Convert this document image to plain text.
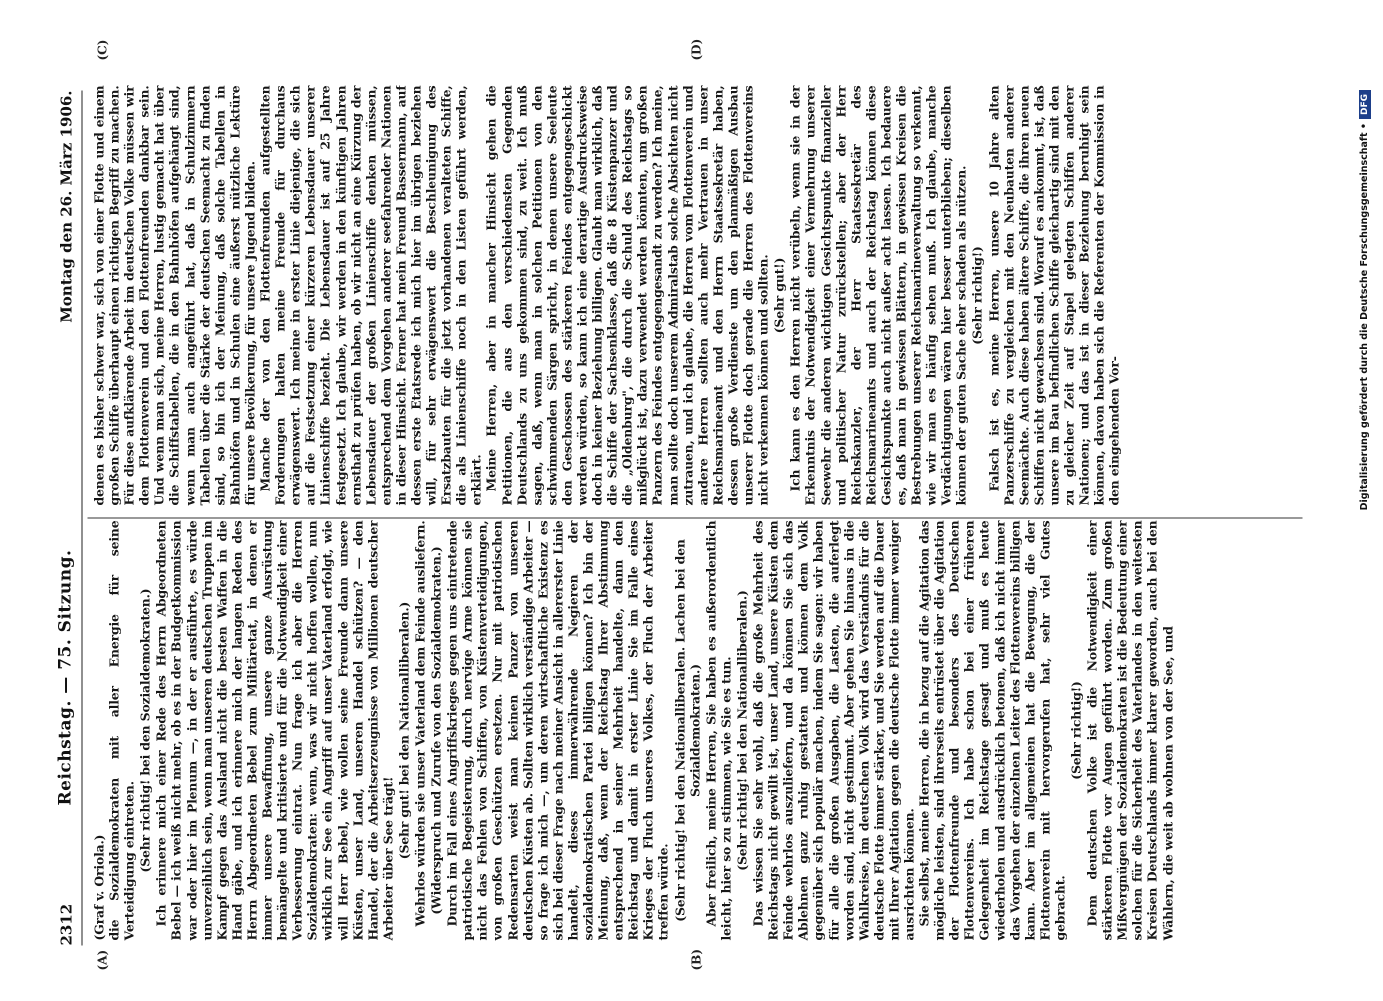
2312
Reichstag. — 75. Sitzung.
Montag den 26. März 1906.
(A)	(B)
(C)	(D)

(Graf v. Oriola.) die Sozialdemokraten mit aller Energie für seine Verteidigung eintreten. (Sehr richtig! bei den Sozialdemokraten.) Ich erinnere mich einer Rede des Herrn Abgeordneten Bebel — ich weiß nicht mehr, ob es in der Budgetkommission war oder hier im Plenum —, in der er ausführte, es würde unverzeihlich sein, wenn man unseren deutschen Truppen im Kampf gegen das Ausland nicht die besten Waffen in die Hand gäbe, und ich erinnere mich der langen Reden des Herrn Abgeordneten Bebel zum Militäretat, in denen er immer unsere Bewaffnung, unsere ganze Ausrüstung bemängelte und kritisierte und für die Notwendigkeit einer Verbesserung eintrat. Nun frage ich aber die Herren Sozialdemokraten: wenn, was wir nicht hoffen wollen, nun wirklich zur See ein Angriff auf unser Vaterland erfolgt, wie will Herr Bebel, wie wollen seine Freunde dann unsere Küsten, unser Land, unseren Handel schützen? — den Handel, der die Arbeitserzeugnisse von Millionen deutscher Arbeiter über See trägt! (Sehr gut! bei den Nationalliberalen.) Wehrlos würden sie unser Vaterland dem Feinde ausliefern. (Widerspruch und Zurufe von den Sozialdemokraten.) Durch im Fall eines Angriffskrieges gegen uns eintretende patriotische Begeisterung, durch nervige Arme können sie nicht das Fehlen von Schiffen, von Küstenverteidigungen, von großen Geschützen ersetzen. Nur mit patriotischen Redensarten weist man keinen Panzer von unseren deutschen Küsten ab. Sollten wirklich verständige Arbeiter — so frage ich mich —, um deren wirtschaftliche Existenz es sich bei dieser Frage nach meiner Ansicht in allererster Linie handelt, dieses immerwährende Negieren der sozialdemokratischen Partei billigen können? Ich bin der Meinung, daß, wenn der Reichstag Ihrer Abstimmung entsprechend in seiner Mehrheit handelte, dann den Reichstag und damit in erster Linie Sie im Falle eines Krieges der Fluch unseres Volkes, der Fluch der Arbeiter treffen würde. (Sehr richtig! bei den Nationalliberalen. Lachen bei den Sozialdemokraten.) Aber freilich, meine Herren, Sie haben es außerordentlich leicht, hier so zu stimmen, wie Sie es tun. (Sehr richtig! bei den Nationalliberalen.) Das wissen Sie sehr wohl, daß die große Mehrheit des Reichstags nicht gewillt ist, unser Land, unsere Küsten dem Feinde wehrlos auszuliefern, und da können Sie sich das Ablehnen ganz ruhig gestatten und können dem Volk gegenüber sich populär machen, indem Sie sagen: wir haben für alle die großen Ausgaben, die Lasten, die auferlegt worden sind, nicht gestimmt. Aber gehen Sie hinaus in die Wahlkreise, im deutschen Volk wird das Verständnis für die deutsche Flotte immer stärker, und Sie werden auf die Dauer mit Ihrer Agitation gegen die deutsche Flotte immer weniger ausrichten können. Sie selbst, meine Herren, die in bezug auf die Agitation das mögliche leisten, sind ihrerseits entrüstet über die Agitation der Flottenfreunde und besonders des Deutschen Flottenvereins. Ich habe schon bei einer früheren Gelegenheit im Reichstage gesagt und muß es heute wiederholen und ausdrücklich betonen, daß ich nicht immer das Vorgehen der einzelnen Leiter des Flottenvereins billigen kann. Aber im allgemeinen hat die Bewegung, die der Flottenverein mit hervorgerufen hat, sehr viel Gutes gebracht.

(Sehr richtig!) Dem deutschen Volke ist die Notwendigkeit einer stärkeren Flotte vor Augen geführt worden. Zum großen Mißvergnügen der Sozialdemokraten ist die Bedeutung einer solchen für die Sicherheit des Vaterlandes in den weitesten Kreisen Deutschlands immer klarer geworden, auch bei den Wählern, die weit ab wohnen von der See, und

denen es bisher schwer war, sich von einer Flotte und einem großen Schiffe überhaupt einen richtigen Begriff zu machen. Für diese aufklärende Arbeit im deutschen Volke müssen wir dem Flottenverein und den Flottenfreunden dankbar sein. Und wenn man sich, meine Herren, lustig gemacht hat über die Schiffstabellen, die in den Bahnhöfen aufgehängt sind, wenn man auch angeführt hat, daß in Schulzimmern Tabellen über die Stärke der deutschen Seemacht zu finden sind, so bin ich der Meinung, daß solche Tabellen in Bahnhöfen und in Schulen eine äußerst nützliche Lektüre für unsere Bevölkerung, für unsere Jugend bilden. Manche der von den Flottenfreunden aufgestellten Forderungen halten meine Freunde für durchaus erwägenswert. Ich meine in erster Linie diejenige, die sich auf die Festsetzung einer kürzeren Lebensdauer unserer Linienschiffe bezieht. Die Lebensdauer ist auf 25 Jahre festgesetzt. Ich glaube, wir werden in den künftigen Jahren ernsthaft zu prüfen haben, ob wir nicht an eine Kürzung der Lebensdauer der großen Linienschiffe denken müssen, entsprechend dem Vorgehen anderer seefahrender Nationen in dieser Hinsicht. Ferner hat mein Freund Bassermann, auf dessen erste Etatsrede ich mich hier im übrigen beziehen will, für sehr erwägenswert die Beschleunigung des Ersatzbauten für die jetzt vorhandenen veralteten Schiffe, die als Linienschiffe noch in den Listen geführt werden, erklärt. Meine Herren, aber in mancher Hinsicht gehen die Petitionen, die aus den verschiedensten Gegenden Deutschlands zu uns gekommen sind, zu weit. Ich muß sagen, daß, wenn man in solchen Petitionen von den schwimmenden Särgen spricht, in denen unsere Seeleute den Geschossen des stärkeren Feindes entgegengeschickt werden würden, so kann ich eine derartige Ausdrucksweise doch in keiner Beziehung billigen. Glaubt man wirklich, daß die Schiffe der Sachsenklasse, daß die 8 Küstenpanzer und die „Oldenburg", die durch die Schuld des Reichstags so mißglückt ist, dazu verwendet werden könnten, um großen Panzern des Feindes entgegengesandt zu werden? Ich meine, man sollte doch unserem Admiralstab solche Absichten nicht zutrauen, und ich glaube, die Herren vom Flottenverein und andere Herren sollten auch mehr Vertrauen in unser Reichsmarineamt und den Herrn Staatssekretär haben, dessen große Verdienste um den planmäßigen Ausbau unserer Flotte doch gerade die Herren des Flottenvereins nicht verkennen können und sollten. (Sehr gut!) Ich kann es den Herren nicht verübeln, wenn sie in der Erkenntnis der Notwendigkeit einer Vermehrung unserer Seewehr die anderen wichtigen Gesichtspunkte finanzieller und politischer Natur zurückstellen; aber der Herr Reichskanzler, der Herr Staatssekretär des Reichsmarineamts und auch der Reichstag können diese Gesichtspunkte auch nicht außer acht lassen. Ich bedauere es, daß man in gewissen Blättern, in gewissen Kreisen die Bestrebungen unserer Reichsmarineverwaltung so verkennt, wie wir man es häufig sehen muß. Ich glaube, manche Verdächtigungen wären hier besser unterblieben; dieselben können der guten Sache eher schaden als nützen. (Sehr richtig!) Falsch ist es, meine Herren, unsere 10 Jahre alten Panzerschiffe zu vergleichen mit den Neubauten anderer Seemächte. Auch diese haben ältere Schiffe, die ihren neuen Schiffen nicht gewachsen sind. Worauf es ankommt, ist, daß unsere im Bau befindlichen Schiffe gleichartig sind mit den zu gleicher Zeit auf Stapel gelegten Schiffen anderer Nationen; und das ist in dieser Beziehung beruhigt sein können, davon haben sich die Referenten der Kommission in den eingehenden Vor-	Digitalisierung gefördert durch die Deutsche Forschungsgemeinschaft •DFG
